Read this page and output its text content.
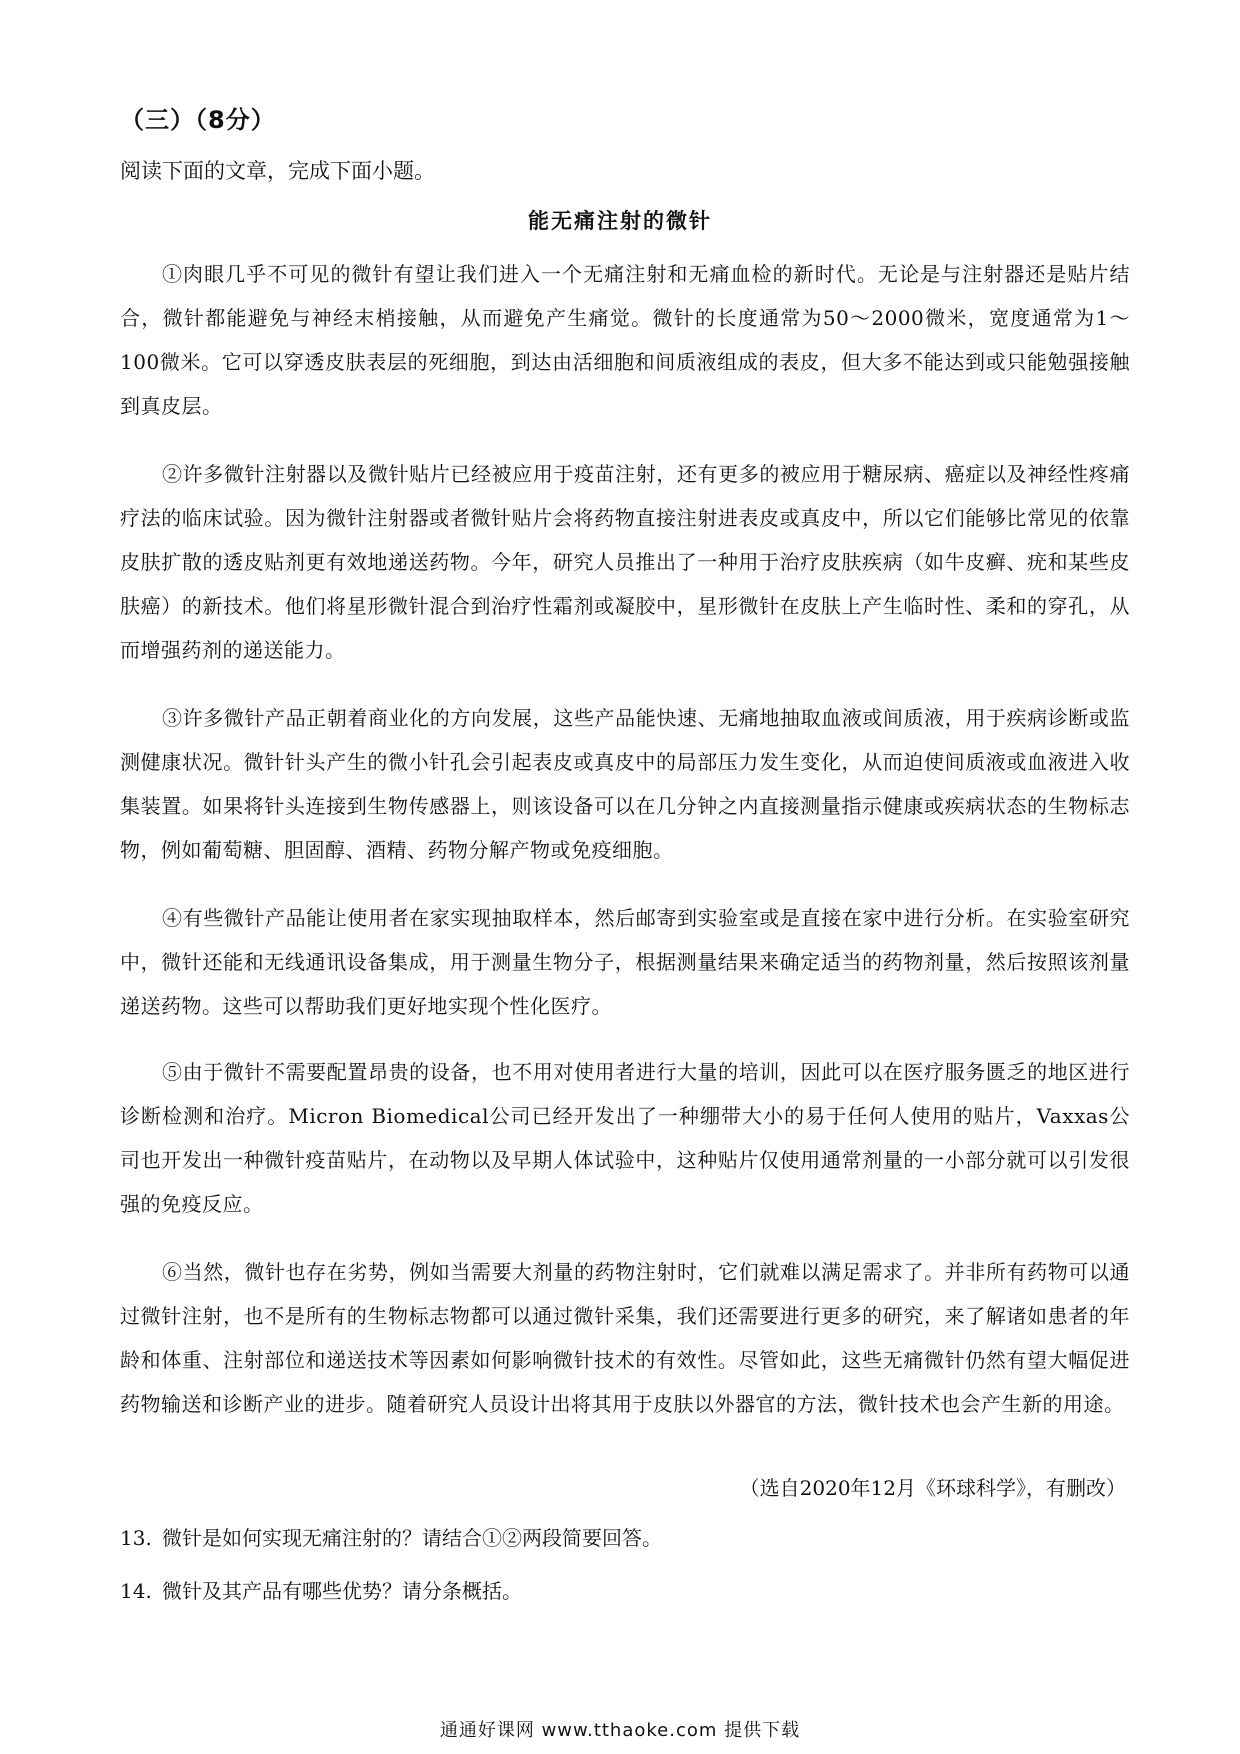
（三）（8分）

阅读下面的文章，完成下面小题。

能无痛注射的微针

①肉眼几乎不可见的微针有望让我们进入一个无痛注射和无痛血检的新时代。无论是与注射器还是贴片结合，微针都能避免与神经末梢接触，从而避免产生痛觉。微针的长度通常为50～2000微米，宽度通常为1～100微米。它可以穿透皮肤表层的死细胞，到达由活细胞和间质液组成的表皮，但大多不能达到或只能勉强接触到真皮层。

②许多微针注射器以及微针贴片已经被应用于疫苗注射，还有更多的被应用于糖尿病、癌症以及神经性疼痛疗法的临床试验。因为微针注射器或者微针贴片会将药物直接注射进表皮或真皮中，所以它们能够比常见的依靠皮肤扩散的透皮贴剂更有效地递送药物。今年，研究人员推出了一种用于治疗皮肤疾病（如牛皮癣、疣和某些皮肤癌）的新技术。他们将星形微针混合到治疗性霜剂或凝胶中，星形微针在皮肤上产生临时性、柔和的穿孔，从而增强药剂的递送能力。

③许多微针产品正朝着商业化的方向发展，这些产品能快速、无痛地抽取血液或间质液，用于疾病诊断或监测健康状况。微针针头产生的微小针孔会引起表皮或真皮中的局部压力发生变化，从而迫使间质液或血液进入收集装置。如果将针头连接到生物传感器上，则该设备可以在几分钟之内直接测量指示健康或疾病状态的生物标志物，例如葡萄糖、胆固醇、酒精、药物分解产物或免疫细胞。

④有些微针产品能让使用者在家实现抽取样本，然后邮寄到实验室或是直接在家中进行分析。在实验室研究中，微针还能和无线通讯设备集成，用于测量生物分子，根据测量结果来确定适当的药物剂量，然后按照该剂量递送药物。这些可以帮助我们更好地实现个性化医疗。

⑤由于微针不需要配置昂贵的设备，也不用对使用者进行大量的培训，因此可以在医疗服务匮乏的地区进行诊断检测和治疗。Micron Biomedical公司已经开发出了一种绷带大小的易于任何人使用的贴片，Vaxxas公司也开发出一种微针疫苗贴片，在动物以及早期人体试验中，这种贴片仅使用通常剂量的一小部分就可以引发很强的免疫反应。

⑥当然，微针也存在劣势，例如当需要大剂量的药物注射时，它们就难以满足需求了。并非所有药物可以通过微针注射，也不是所有的生物标志物都可以通过微针采集，我们还需要进行更多的研究，来了解诸如患者的年龄和体重、注射部位和递送技术等因素如何影响微针技术的有效性。尽管如此，这些无痛微针仍然有望大幅促进药物输送和诊断产业的进步。随着研究人员设计出将其用于皮肤以外器官的方法，微针技术也会产生新的用途。

（选自2020年12月《环球科学》，有删改）

13. 微针是如何实现无痛注射的？请结合①②两段简要回答。

14. 微针及其产品有哪些优势？请分条概括。

通通好课网 www.tthaoke.com 提供下载
